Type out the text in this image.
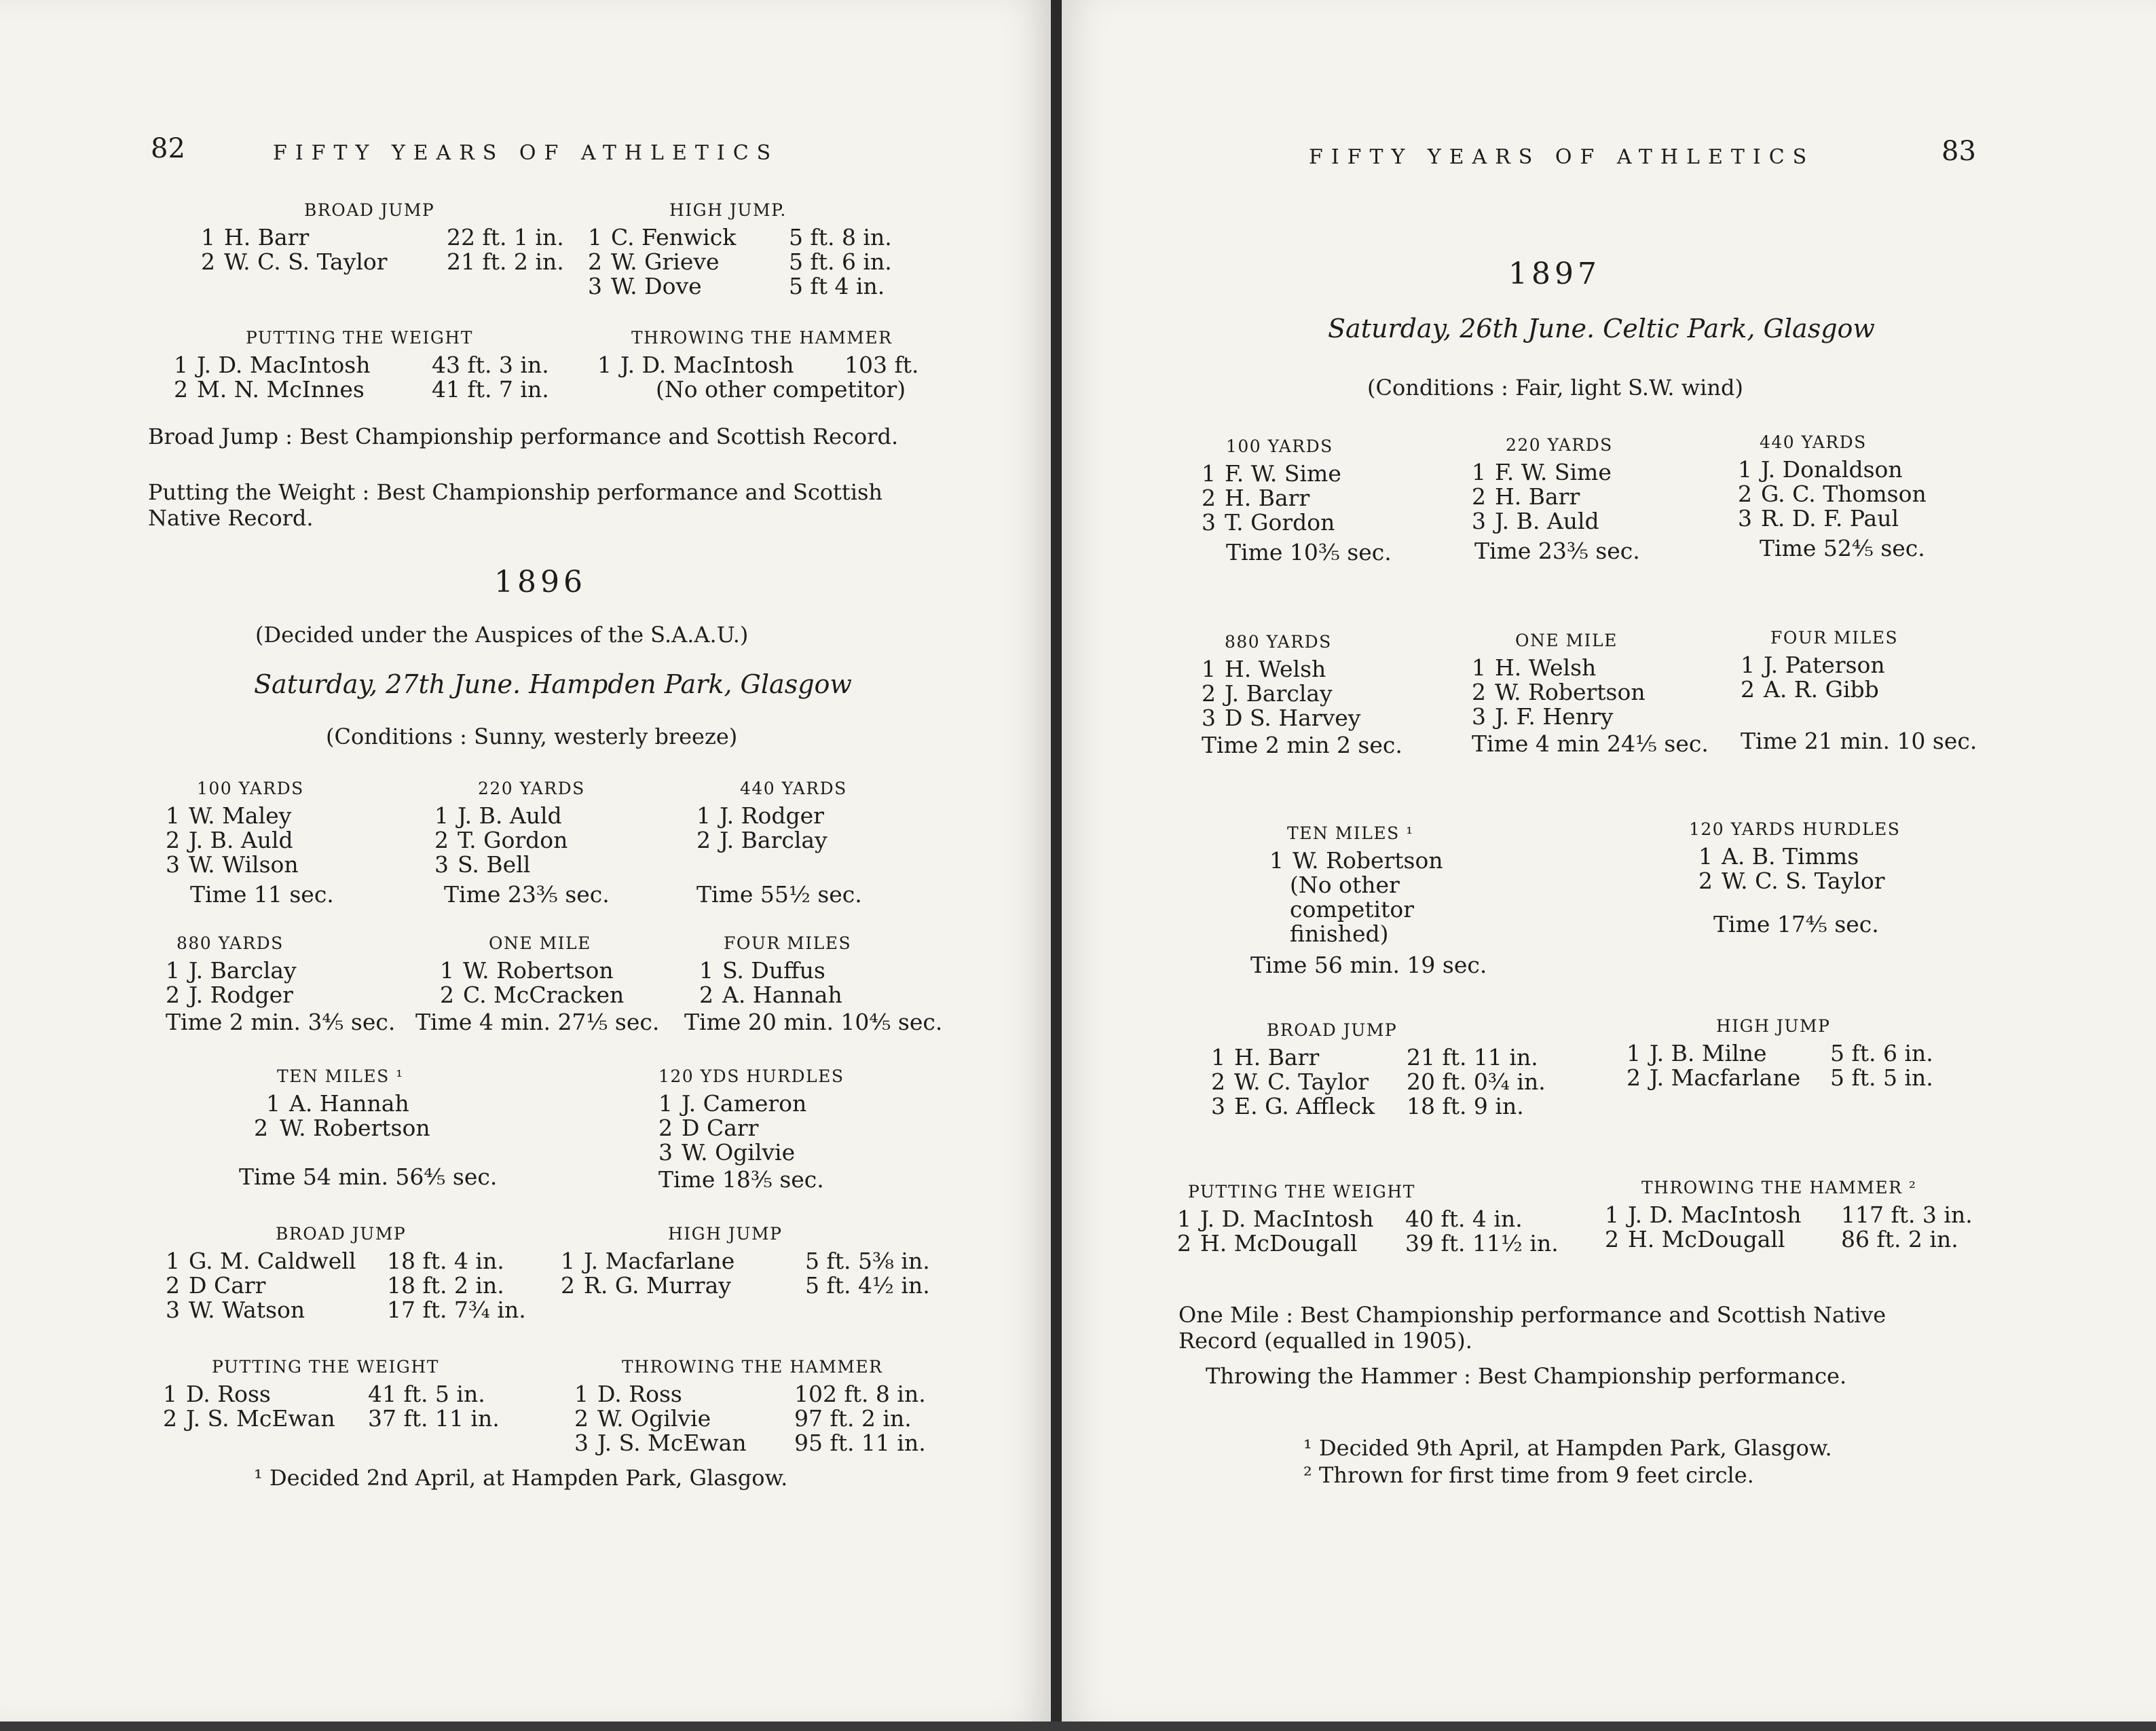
82	FIFTY YEARS OF ATHLETICS
BROAD JUMP
1 H. Barr	22 ft. 1 in.
2 W. C. S. Taylor	21 ft. 2 in.
HIGH JUMP.
1 C. Fenwick 5 ft. 8 in.
2 W. Grieve	5 ft. 6 in.
3 W. Dove	5 ft 4 in.
PUTTING THE WEIGHT
1 J. D. MacIntosh	43 ft. 3 in.
2 M. N. McInnes	41 ft. 7 in.
THROWING THE HAMMER
1 J. D. MacIntosh 103 ft.
(No other competitor)
Broad Jump : Best Championship performance and Scottish Record.
Putting the Weight : Best Championship performance and Scottish Native Record.
1896
(Decided under the Auspices of the S.A.A.U.)
Saturday, 27th June. Hampden Park, Glasgow
(Conditions : Sunny, westerly breeze)
100 YARDS
1 W. Maley
2 J. B. Auld
3 W. Wilson
Time 11 sec.
220 YARDS
1 J. B. Auld
2 T. Gordon
3 S. Bell
Time 23⅗ sec.
440 YARDS
1 J. Rodger
2 J. Barclay
Time 55½ sec.
880 YARDS
1 J. Barclay
2 J. Rodger
Time 2 min. 3⅘ sec.
ONE MILE
1 W. Robertson
2 C. McCracken
Time 4 min. 27⅕ sec.
FOUR MILES
1 S. Duffus
2 A. Hannah
Time 20 min. 10⅘ sec.
TEN MILES ¹
1 A. Hannah
2 W. Robertson
Time 54 min. 56⅘ sec.
120 YDS HURDLES
1 J. Cameron
2 D Carr
3 W. Ogilvie
Time 18⅗ sec.
BROAD JUMP
1 G. M. Caldwell 18 ft. 4 in.
2 D Carr	18 ft. 2 in.
3 W. Watson	17 ft. 7¾ in.
HIGH JUMP
1 J. Macfarlane	5 ft. 5⅜ in.
2 R. G. Murray	5 ft. 4½ in.
PUTTING THE WEIGHT
1 D. Ross	41 ft. 5 in.
2 J. S. McEwan 37 ft. 11 in.
THROWING THE HAMMER
1 D. Ross	102 ft. 8 in.
2 W. Ogilvie	97 ft. 2 in.
3 J. S. McEwan 95 ft. 11 in.
¹ Decided 2nd April, at Hampden Park, Glasgow.
FIFTY YEARS OF ATHLETICS	83
1897
Saturday, 26th June. Celtic Park, Glasgow
(Conditions : Fair, light S.W. wind)
100 YARDS
1 F. W. Sime
2 H. Barr
3 T. Gordon
Time 10⅗ sec.
220 YARDS
1 F. W. Sime
2 H. Barr
3 J. B. Auld
Time 23⅗ sec.
440 YARDS
1 J. Donaldson
2 G. C. Thomson
3 R. D. F. Paul
Time 52⅘ sec.
880 YARDS
1 H. Welsh
2 J. Barclay
3 D S. Harvey
Time 2 min 2 sec.
ONE MILE
1 H. Welsh
2 W. Robertson
3 J. F. Henry
Time 4 min 24⅕ sec.
FOUR MILES
1 J. Paterson
2 A. R. Gibb
Time 21 min. 10 sec.
TEN MILES ¹
1 W. Robertson
(No other competitor finished)
Time 56 min. 19 sec.
120 YARDS HURDLES
1 A. B. Timms
2 W. C. S. Taylor
Time 17⅘ sec.
BROAD JUMP
1 H. Barr	21 ft. 11 in.
2 W. C. Taylor 20 ft. 0¾ in.
3 E. G. Affleck 18 ft. 9 in.
HIGH JUMP
1 J. B. Milne	5 ft. 6 in.
2 J. Macfarlane 5 ft. 5 in.
PUTTING THE WEIGHT
1 J. D. MacIntosh 40 ft. 4 in.
2 H. McDougall 39 ft. 11½ in.
THROWING THE HAMMER ²
1 J. D. MacIntosh 117 ft. 3 in.
2 H. McDougall 86 ft. 2 in.
One Mile : Best Championship performance and Scottish Native Record (equalled in 1905).
Throwing the Hammer : Best Championship performance.
¹ Decided 9th April, at Hampden Park, Glasgow.
² Thrown for first time from 9 feet circle.
